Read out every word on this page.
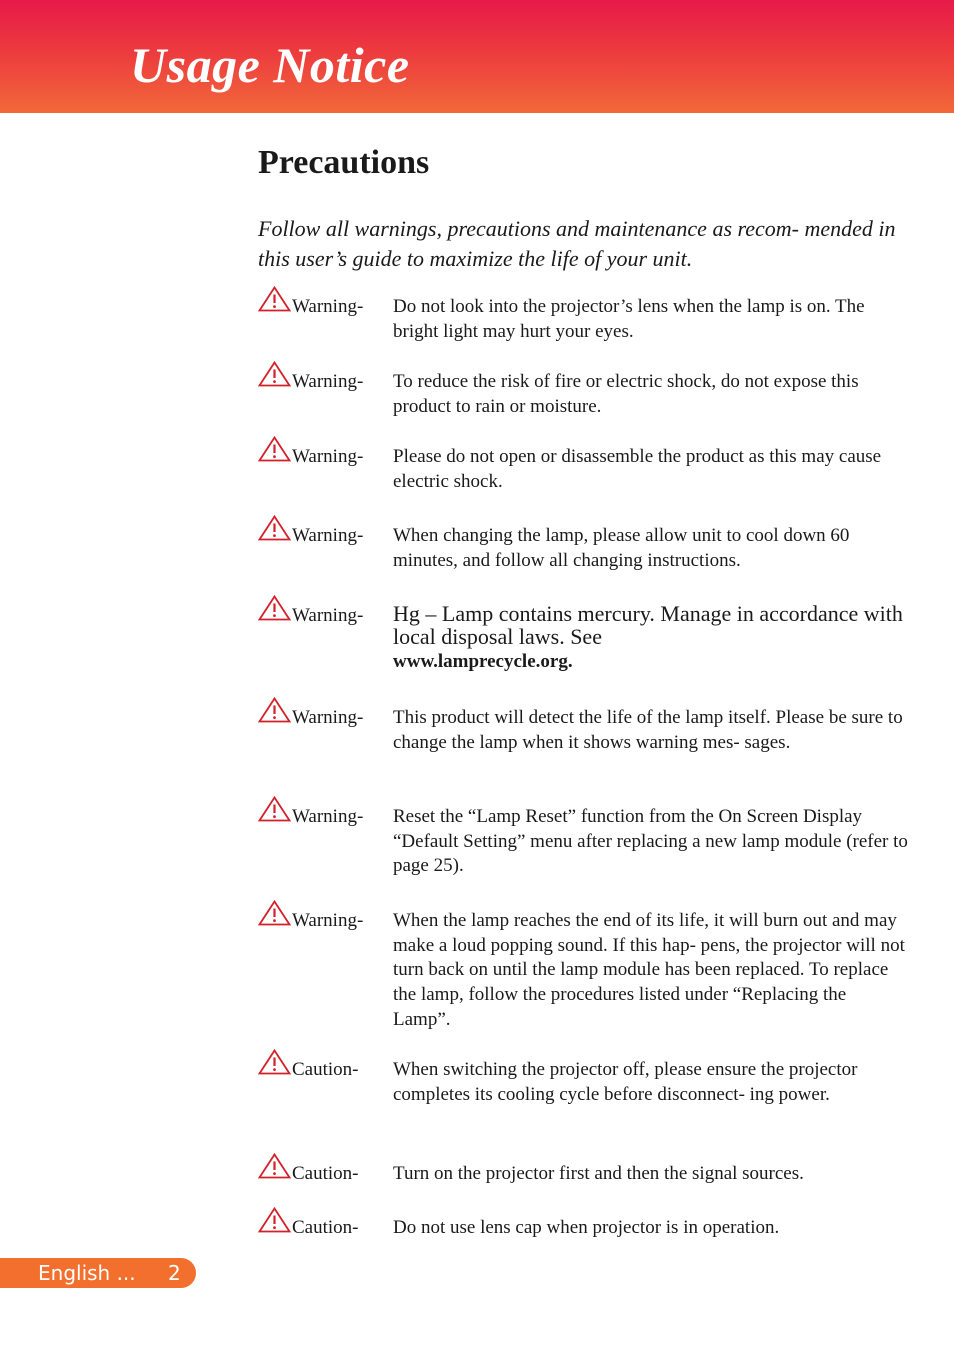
Usage Notice
Precautions

Follow all warnings, precautions and maintenance as recom- mended in this user’s guide to maximize the life of your unit.

Warning- Do not look into the projector’s lens when the lamp is on. The bright light may hurt your eyes.
Warning- To reduce the risk of fire or electric shock, do not expose this product to rain or moisture.
Warning- Please do not open or disassemble the product as this may cause electric shock.
Warning- When changing the lamp, please allow unit to cool down 60 minutes, and follow all changing instructions.
Warning- Hg – Lamp contains mercury. Manage in accordance with local disposal laws. See
www.lamprecycle.org.
Warning- This product will detect the life of the lamp itself. Please be sure to change the lamp when it shows warning mes- sages.
Warning- Reset the “Lamp Reset” function from the On Screen Display “Default Setting” menu after replacing a new lamp module (refer to page 25).
Warning- When the lamp reaches the end of its life, it will burn out and may make a loud popping sound. If this hap- pens, the projector will not turn back on until the lamp module has been replaced. To replace the lamp, follow the procedures listed under “Replacing the Lamp”.
Caution- When switching the projector off, please ensure the projector completes its cooling cycle before disconnect- ing power.
Caution- Turn on the projector first and then the signal sources.
Caution- Do not use lens cap when projector is in operation.
English ... 2
